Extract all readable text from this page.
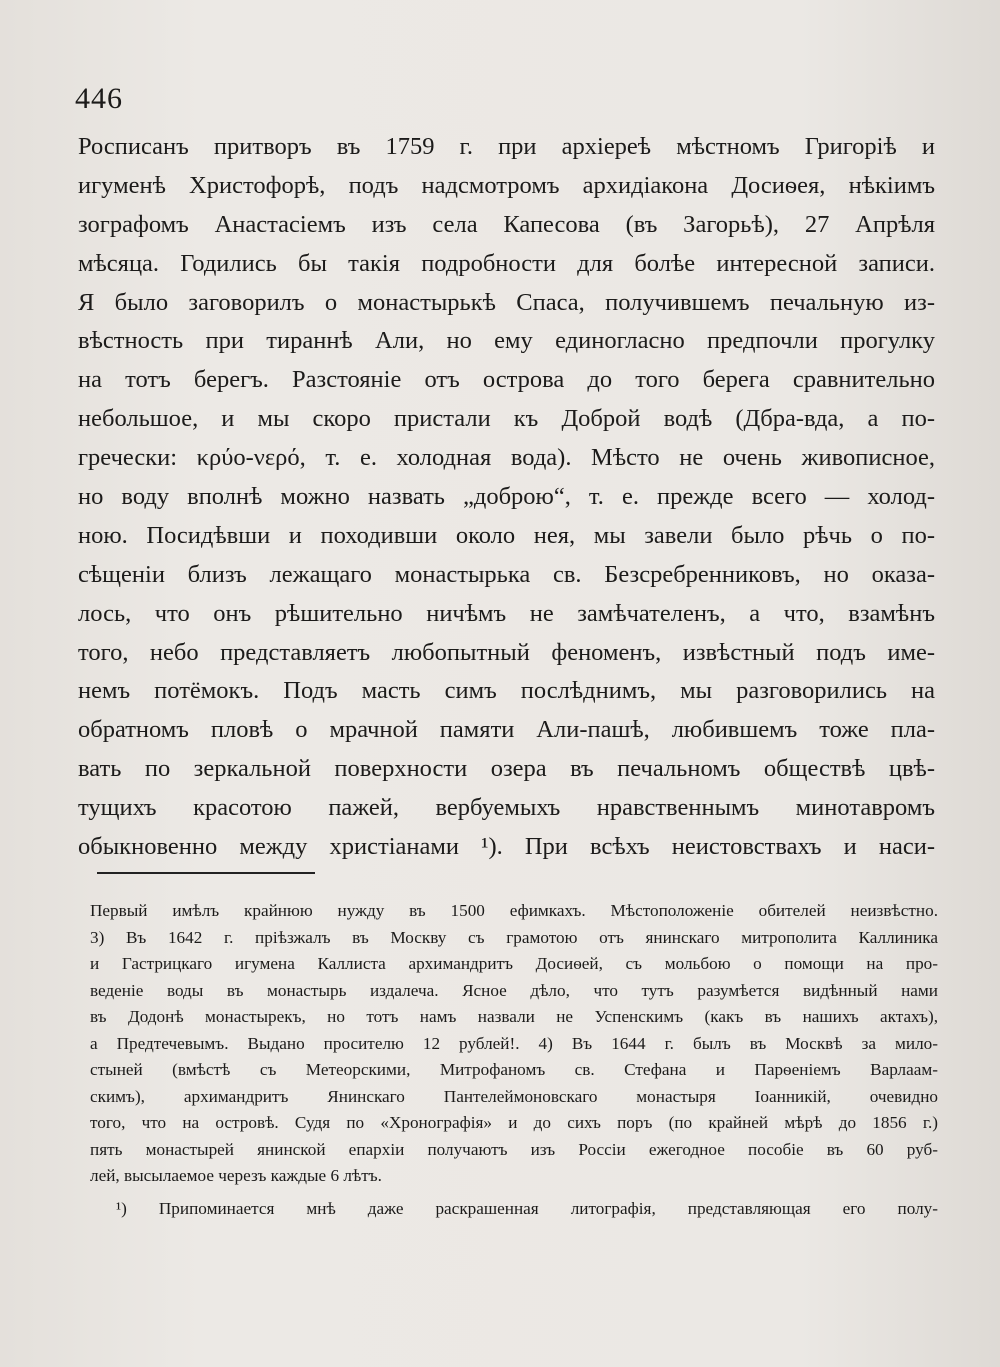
446
Росписанъ притворъ въ 1759 г. при архіереѣ мѣстномъ Григоріѣ и
игуменѣ Христофорѣ, подъ надсмотромъ архидіакона Досиѳея, нѣкіимъ
зографомъ Анастасіемъ изъ села Капесова (въ Загорьѣ), 27 Апрѣля
мѣсяца. Годились бы такія подробности для болѣе интересной записи.
Я было заговорилъ о монастырькѣ Спаса, получившемъ печальную из-
вѣстность при тираннѣ Али, но ему единогласно предпочли прогулку
на тотъ берегъ. Разстояніе отъ острова до того берега сравнительно
небольшое, и мы скоро пристали къ Доброй водѣ (Дбра-вда, а по-
гречески: κρύο-νερό, т. е. холодная вода). Мѣсто не очень живописное,
но воду вполнѣ можно назвать „доброю“, т. е. прежде всего — холод-
ною. Посидѣвши и походивши около нея, мы завели было рѣчь о по-
сѣщеніи близъ лежащаго монастырька св. Безсребренниковъ, но оказа-
лось, что онъ рѣшительно ничѣмъ не замѣчателенъ, а что, взамѣнъ
того, небо представляетъ любопытный феноменъ, извѣстный подъ име-
немъ потёмокъ. Подъ масть симъ послѣднимъ, мы разговорились на
обратномъ пловѣ о мрачной памяти Али-пашѣ, любившемъ тоже пла-
вать по зеркальной поверхности озера въ печальномъ обществѣ цвѣ-
тущихъ красотою пажей, вербуемыхъ нравственнымъ минотавромъ
обыкновенно между христіанами ¹). При всѣхъ неистовствахъ и наси-
Первый имѣлъ крайнюю нужду въ 1500 ефимкахъ. Мѣстоположеніе обителей неизвѣстно.
3) Въ 1642 г. пріѣзжалъ въ Москву съ грамотою отъ янинскаго митрополита Каллиника
и Гастрицкаго игумена Каллиста архимандритъ Досиѳей, съ мольбою о помощи на про-
веденіе воды въ монастырь издалеча. Ясное дѣло, что тутъ разумѣется видѣнный нами
въ Додонѣ монастырекъ, но тотъ намъ назвали не Успенскимъ (какъ въ нашихъ актахъ),
а Предтечевымъ. Выдано просителю 12 рублей!. 4) Въ 1644 г. былъ въ Москвѣ за мило-
стыней (вмѣстѣ съ Метеорскими, Митрофаномъ св. Стефана и Парѳеніемъ Варлаам-
скимъ), архимандритъ Янинскаго Пантелеймоновскаго монастыря Іоанникій, очевидно
того, что на островѣ. Судя по «Хронографія» и до сихъ поръ (по крайней мѣрѣ до 1856 г.)
пять монастырей янинской епархіи получаютъ изъ Россіи ежегодное пособіе въ 60 руб-
лей, высылаемое черезъ каждые 6 лѣтъ.
¹) Припоминается мнѣ даже раскрашенная литографія, представляющая его полу-
